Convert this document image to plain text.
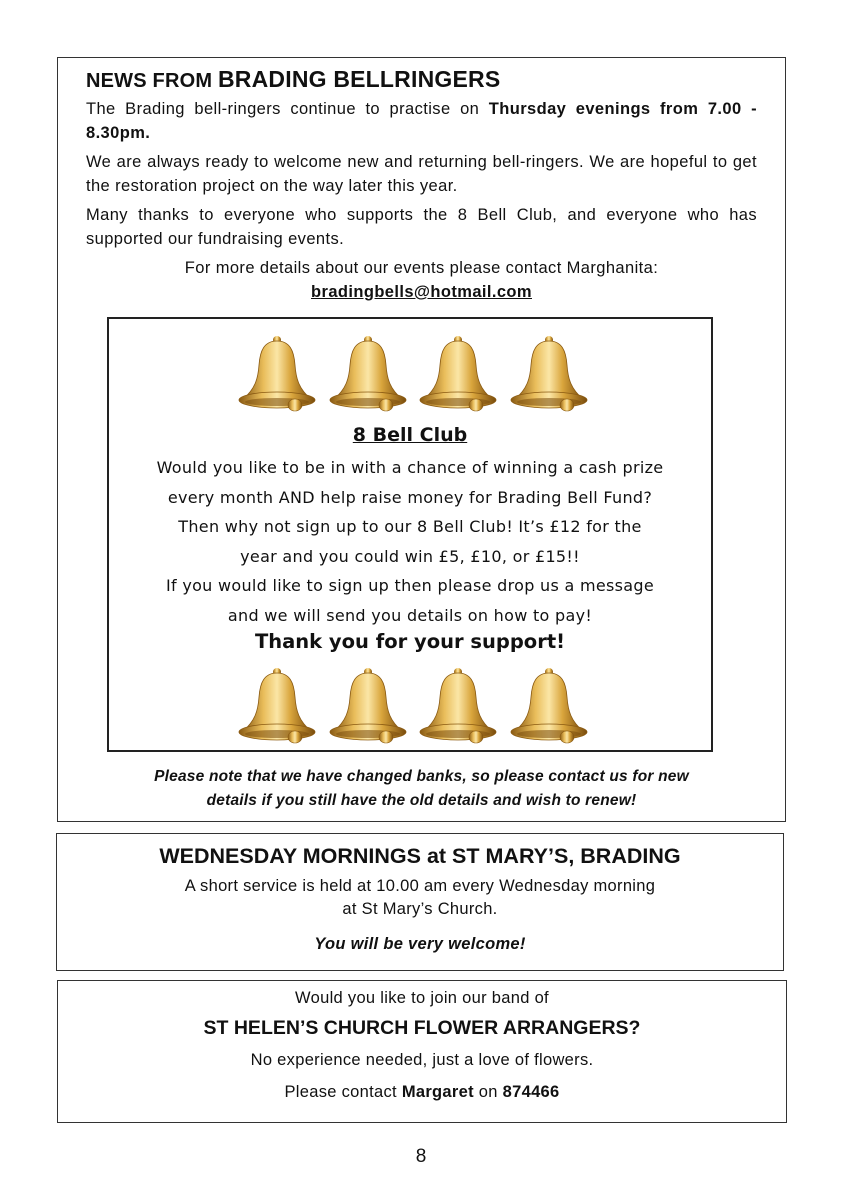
NEWS FROM BRADING BELLRINGERS

The Brading bell-ringers continue to practise on Thursday evenings from 7.00 - 8.30pm.

We are always ready to welcome new and returning bell-ringers. We are hopeful to get the restoration project on the way later this year.

Many thanks to everyone who supports the 8 Bell Club, and everyone who has supported our fundraising events.

For more details about our events please contact Marghanita:

bradingbells@hotmail.com

8 Bell Club
Would you like to be in with a chance of winning a cash prize
every month AND help raise money for Brading Bell Fund?
Then why not sign up to our 8 Bell Club! It’s £12 for the
year and you could win £5, £10, or £15!!
If you would like to sign up then please drop us a message
and we will send you details on how to pay!
Thank you for your support!
Please note that we have changed banks, so please contact us for new
details if you still have the old details and wish to renew!
WEDNESDAY MORNINGS at ST MARY’S, BRADING

A short service is held at 10.00 am every Wednesday morning

at St Mary’s Church.

You will be very welcome!

Would you like to join our band of

ST HELEN’S CHURCH FLOWER ARRANGERS?

No experience needed, just a love of flowers.

Please contact Margaret on 874466

8
